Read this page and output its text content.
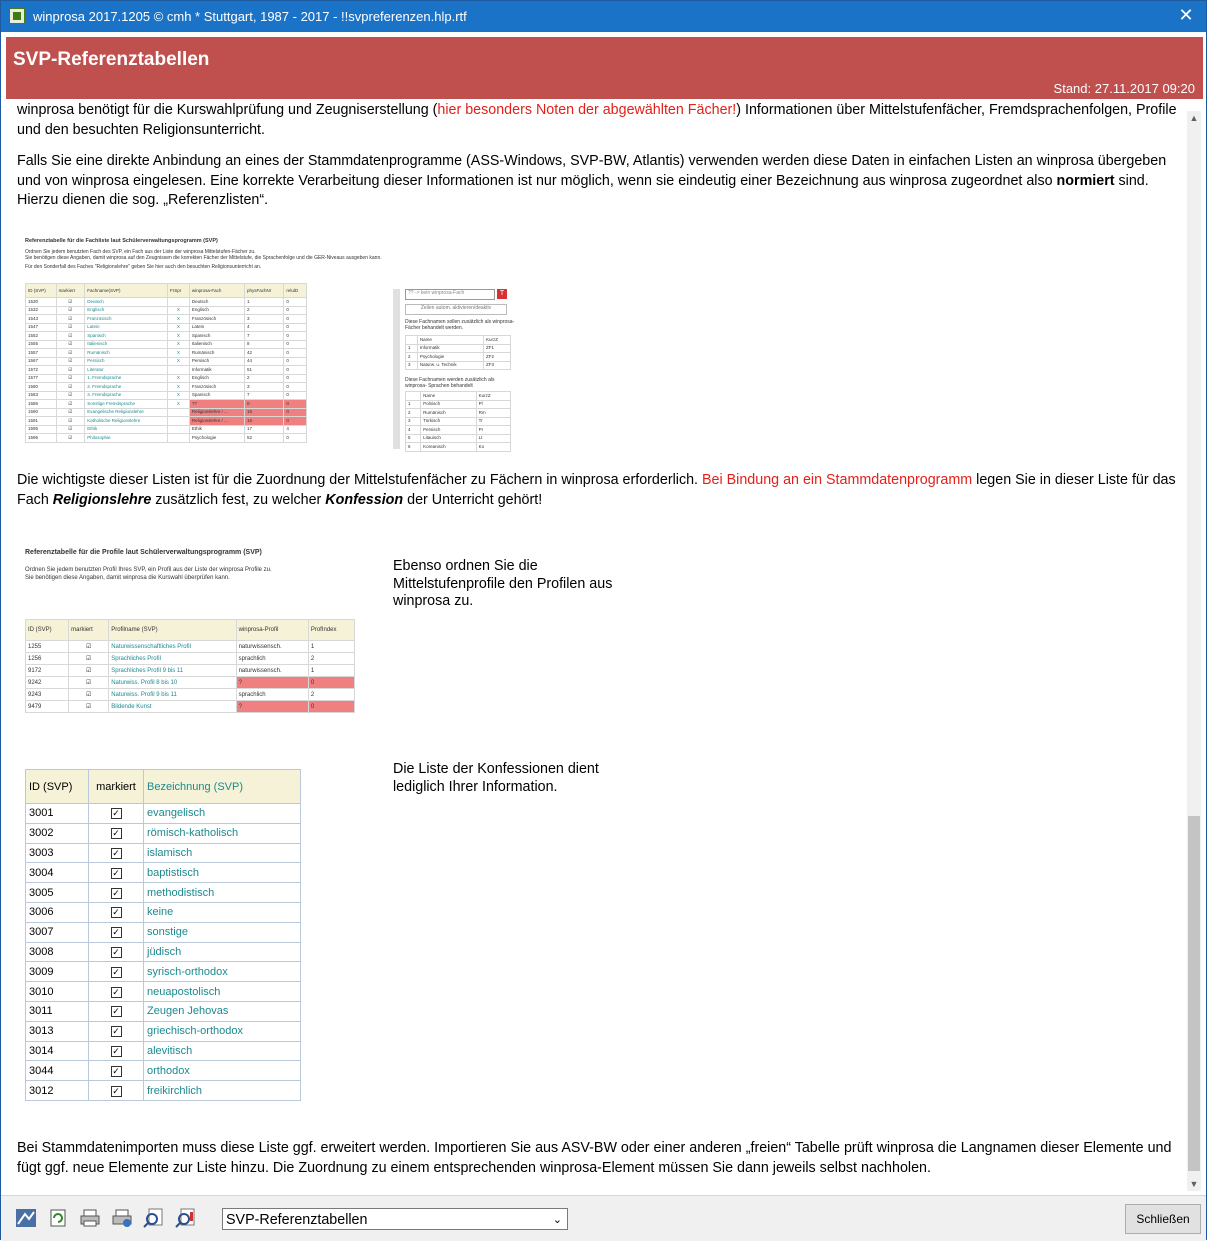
winprosa 2017.1205 © cmh * Stuttgart, 1987 - 2017 - !!svpreferenzen.hlp.rtf	✕
SVP-Referenztabellen
Stand: 27.11.2017 09:20

winprosa benötigt für die Kurswahlprüfung und Zeugniserstellung (hier besonders Noten der abgewählten Fächer!) Informationen über Mittelstufenfächer, Fremdsprachenfolgen, Profile und den besuchten Religionsunterricht.

Falls Sie eine direkte Anbindung an eines der Stammdatenprogramme (ASS-Windows, SVP-BW, Atlantis) verwenden werden diese Daten in einfachen Listen an winprosa übergeben und von winprosa eingelesen. Eine korrekte Verarbeitung dieser Informationen ist nur möglich, wenn sie eindeutig einer Bezeichnung aus winprosa zugeordnet also normiert sind. Hierzu dienen die sog. „Referenzlisten“.

Referenztabelle für die Fachliste laut Schülerverwaltungsprogramm (SVP)
Ordnen Sie jedem benutzten Fach des SVP, ein Fach aus der Liste der winprosa Mittelstufen-Fächer zu.
Sie benötigen diese Angaben, damit winprosa auf den Zeugnissen die korrekten Fächer der Mittelstufe, die Sprachenfolge und die GER-Niveaus ausgeben kann.
Für den Sonderfall des Faches "Religionslehre" geben Sie hier auch den besuchten Religionsunterricht an.
ID (SVP)	markiert	Fachname(SVP)	FrSpr	winprosa-Fach	physFachNr	relulD
1530	☑	Deutsch		Deutsch	1	0
1532	☑	Englisch	X	Englisch	2	0
1543	☑	Französisch	X	Französisch	3	0
1547	☑	Latein	X	Latein	4	0
1552	☑	Spanisch	X	Spanisch	7	0
1555	☑	Italienisch	X	Italienisch	8	0
1557	☑	Rumänisch	X	Rumänisch	42	0
1567	☑	Persisch	X	Persisch	44	0
1572	☑	Literatur		Informatik	51	0
1577	☑	1. Fremdsprache	X	Englisch	2	0
1580	☑	2. Fremdsprache	X	Französisch	3	0
1583	☑	3. Fremdsprache	X	Spanisch	7	0
1586	☑	Sonstige Fremdsprache	X	??	0	0
1590	☑	Evangelische Religionslehre		Religionslehre / ...	16	0
1591	☑	Katholische Religionslehre		Religionslehre / ...	16	0
1595	☑	Ethik		Ethik	17	4
1596	☑	Philosophie		Psychologie	52	0
?? -> kein winprosa-Fach	T
Zeilen autom. aktivieren/deaktiv
Diese Fachnamen sollen zusätzlich als winprosa- Fächer behandelt werden.
	Name	KurzZ
1	Informatik	ZF1
2	Psychologie	ZF2
3	Naturw. u. Technik	ZF3
Diese Fachnamen werden zusätzlich als winprosa- Sprachen behandelt
	Name	KurzZ
1	Polnisch	Pl
2	Rumänisch	Rm
3	Türkisch	Tr
4	Persisch	Pr
5	Litauisch	Lt
6	Koreanisch	Ko

Die wichtigste dieser Listen ist für die Zuordnung der Mittelstufenfächer zu Fächern in winprosa erforderlich. Bei Bindung an ein Stammdatenprogramm legen Sie in dieser Liste für das Fach Religionslehre zusätzlich fest, zu welcher Konfession der Unterricht gehört!

Referenztabelle für die Profile laut Schülerverwaltungsprogramm (SVP)
Ordnen Sie jedem benutzten Profil Ihres SVP, ein Profil aus der Liste der winprosa Profile zu.
Sie benötigen diese Angaben, damit winprosa die Kurswahl überprüfen kann.
ID (SVP)	markiert	Profilname (SVP)	winprosa-Profil	ProfIndex
1255	☑	Naturwissenschaftliches Profil	naturwissensch.	1
1256	☑	Sprachliches Profil	sprachlich	2
9172	☑	Sprachliches Profil 9 bis 11	naturwissensch.	1
9242	☑	Naturwiss. Profil 8 bis 10	?	0
9243	☑	Naturwiss. Profil 9 bis 11	sprachlich	2
9479	☑	Bildende Kunst	?	0
Ebenso ordnen Sie die Mittelstufenprofile den Profilen aus winprosa zu.
ID (SVP)	markiert	Bezeichnung (SVP)
3001	✓	evangelisch
3002	✓	römisch-katholisch
3003	✓	islamisch
3004	✓	baptistisch
3005	✓	methodistisch
3006	✓	keine
3007	✓	sonstige
3008	✓	jüdisch
3009	✓	syrisch-orthodox
3010	✓	neuapostolisch
3011	✓	Zeugen Jehovas
3013	✓	griechisch-orthodox
3014	✓	alevitisch
3044	✓	orthodox
3012	✓	freikirchlich
Die Liste der Konfessionen dient lediglich Ihrer Information.
Bei Stammdatenimporten muss diese Liste ggf. erweitert werden. Importieren Sie aus ASV-BW oder einer anderen „freien“ Tabelle prüft winprosa die Langnamen dieser Elemente und fügt ggf. neue Elemente zur Liste hinzu. Die Zuordnung zu einem entsprechenden winprosa-Element müssen Sie dann jeweils selbst nachholen.
▲
▼
SVP-Referenztabellen	⌄	Schließen
